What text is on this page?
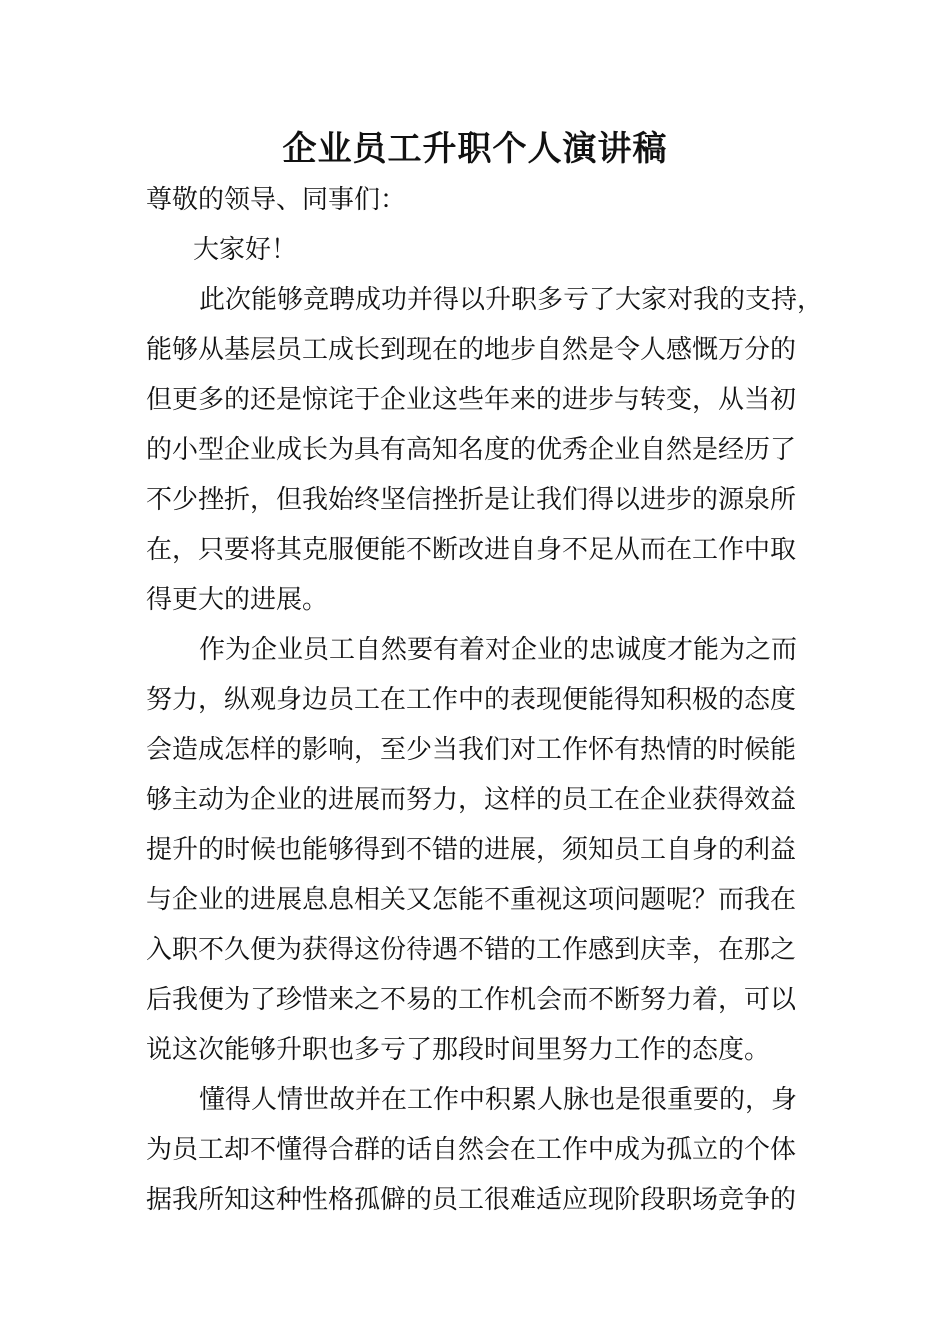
企业员工升职个人演讲稿
尊敬的领导、同事们：
大家好！
此次能够竞聘成功并得以升职多亏了大家对我的支持，
能够从基层员工成长到现在的地步自然是令人感慨万分的
但更多的还是惊诧于企业这些年来的进步与转变，从当初
的小型企业成长为具有高知名度的优秀企业自然是经历了
不少挫折，但我始终坚信挫折是让我们得以进步的源泉所
在，只要将其克服便能不断改进自身不足从而在工作中取
得更大的进展。
作为企业员工自然要有着对企业的忠诚度才能为之而
努力，纵观身边员工在工作中的表现便能得知积极的态度
会造成怎样的影响，至少当我们对工作怀有热情的时候能
够主动为企业的进展而努力，这样的员工在企业获得效益
提升的时候也能够得到不错的进展，须知员工自身的利益
与企业的进展息息相关又怎能不重视这项问题呢？而我在
入职不久便为获得这份待遇不错的工作感到庆幸，在那之
后我便为了珍惜来之不易的工作机会而不断努力着，可以
说这次能够升职也多亏了那段时间里努力工作的态度。
懂得人情世故并在工作中积累人脉也是很重要的，身
为员工却不懂得合群的话自然会在工作中成为孤立的个体
据我所知这种性格孤僻的员工很难适应现阶段职场竞争的
